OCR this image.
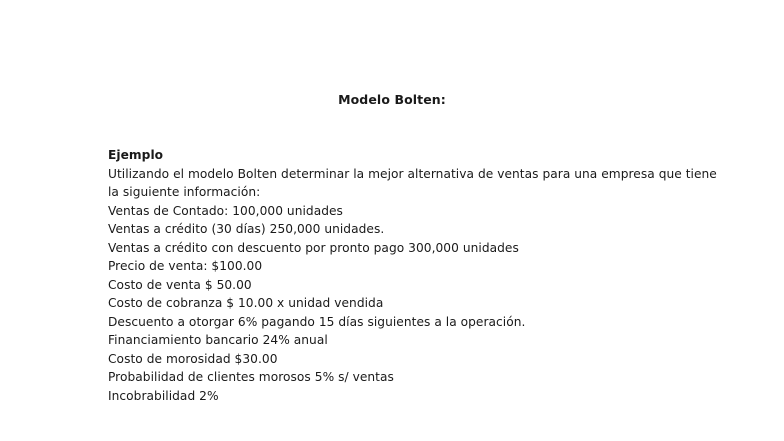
Modelo Bolten:
Ejemplo
Utilizando el modelo Bolten determinar la mejor alternativa de ventas para una empresa que tiene
la siguiente información:
Ventas de Contado: 100,000 unidades
Ventas a crédito (30 días) 250,000 unidades.
Ventas a crédito con descuento por pronto pago 300,000 unidades
Precio de venta: $100.00
Costo de venta $ 50.00
Costo de cobranza $ 10.00 x unidad vendida
Descuento a otorgar 6% pagando 15 días siguientes a la operación.
Financiamiento bancario 24% anual
Costo de morosidad $30.00
Probabilidad de clientes morosos 5% s/ ventas
Incobrabilidad 2%
